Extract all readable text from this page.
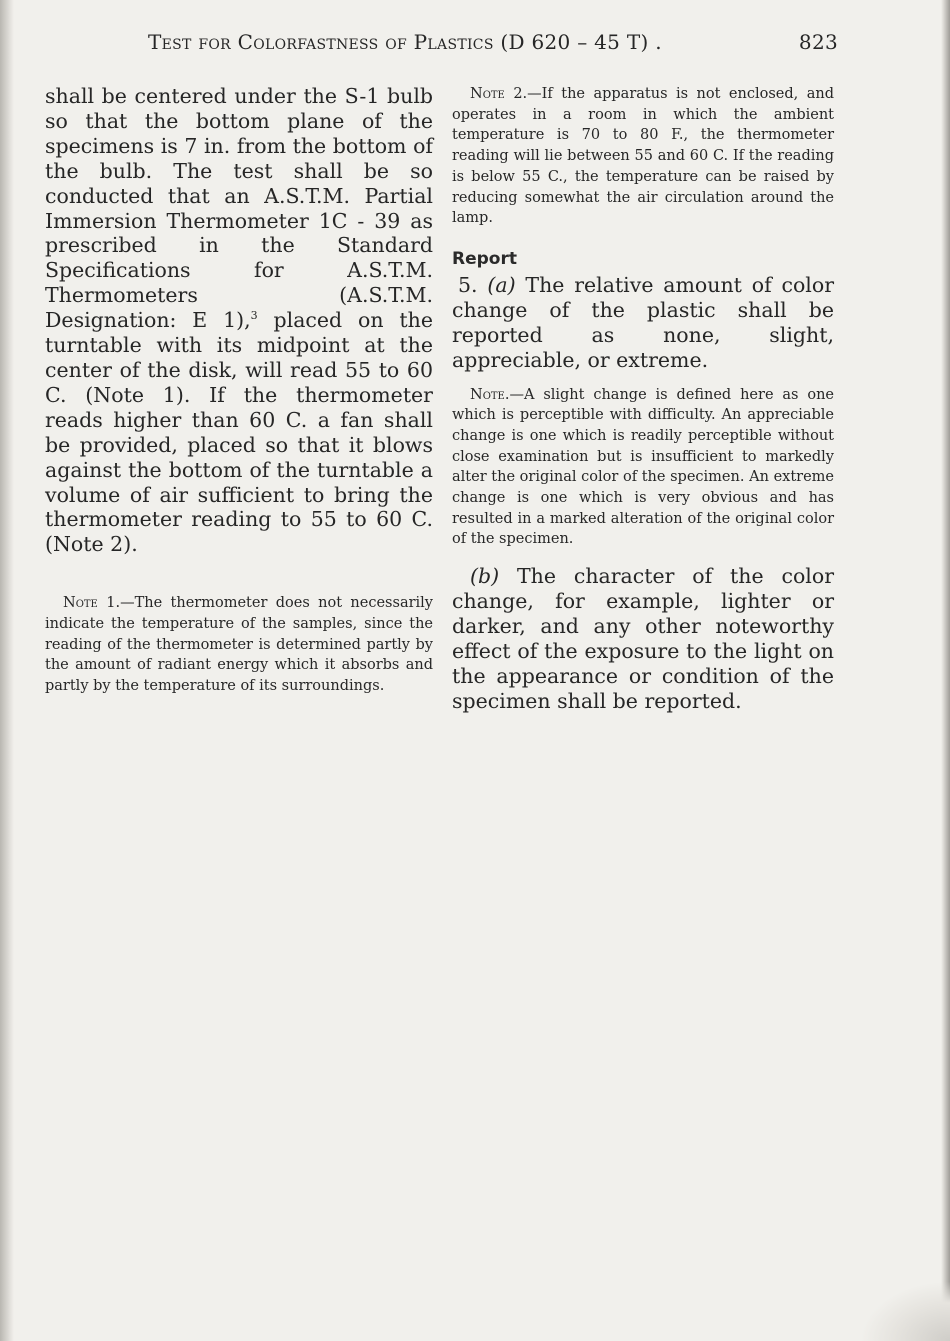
Test for Colorfastness of Plastics (D 620 – 45 T) .	823

shall be centered under the S-1 bulb so that the bottom plane of the specimens is 7 in. from the bottom of the bulb. The test shall be so conducted that an A.S.T.M. Partial Immersion Thermometer 1C - 39 as prescribed in the Standard Specifications for A.S.T.M. Thermometers (A.S.T.M. Designation: E 1),$^3$ placed on the turntable with its midpoint at the center of the disk, will read 55 to 60 C. (Note 1). If the thermometer reads higher than 60 C. a fan shall be provided, placed so that it blows against the bottom of the turntable a volume of air sufficient to bring the thermometer reading to 55 to 60 C. (Note 2).

Note 1.—The thermometer does not necessarily indicate the temperature of the samples, since the reading of the thermometer is determined partly by the amount of radiant energy which it absorbs and partly by the temperature of its surroundings.

Note 2.—If the apparatus is not enclosed, and operates in a room in which the ambient temperature is 70 to 80 F., the thermometer reading will lie between 55 and 60 C. If the reading is below 55 C., the temperature can be raised by reducing somewhat the air circulation around the lamp.

Report

5. (a) The relative amount of color change of the plastic shall be reported as none, slight, appreciable, or extreme.

Note.—A slight change is defined here as one which is perceptible with difficulty. An appreciable change is one which is readily perceptible without close examination but is insufficient to markedly alter the original color of the specimen. An extreme change is one which is very obvious and has resulted in a marked alteration of the original color of the specimen.

(b) The character of the color change, for example, lighter or darker, and any other noteworthy effect of the exposure to the light on the appearance or condition of the specimen shall be reported.
